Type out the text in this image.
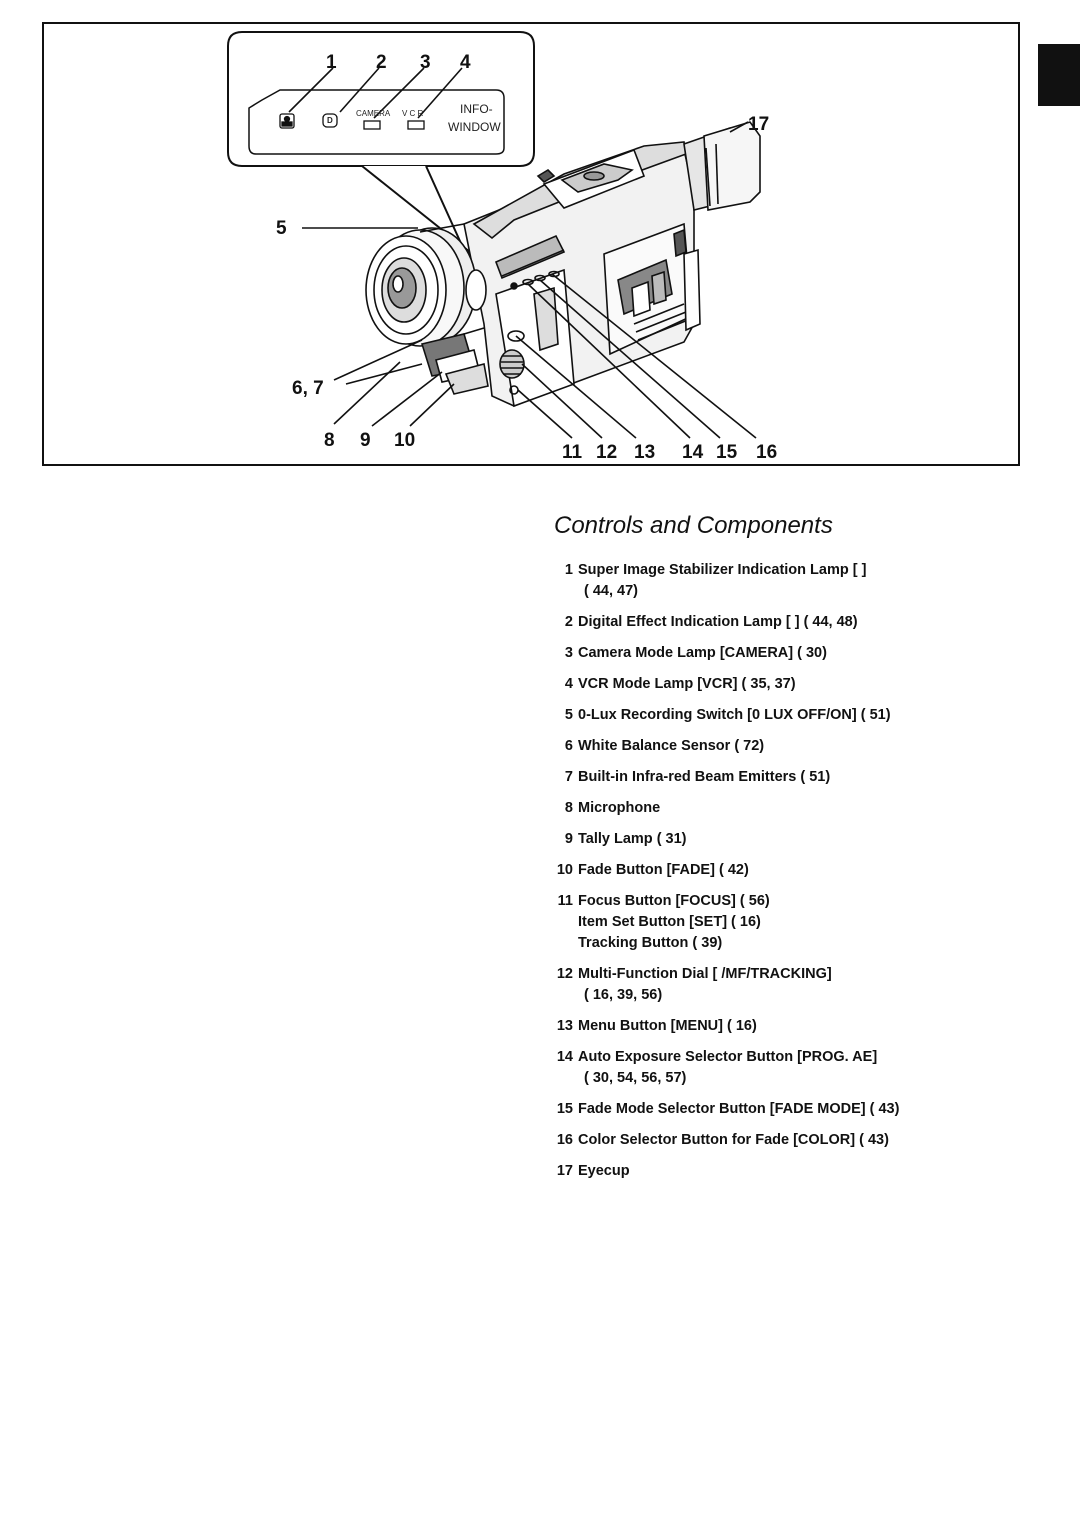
1 2 3 4
5
6, 7
8 9 10
11 12 13 14 15 16
17
D
CAMERA V C R	INFO-
WINDOW
Controls and Components
1 Super Image Stabilizer Indication Lamp [ ]
( 44, 47)
2 Digital Effect Indication Lamp [ ] ( 44, 48)
3 Camera Mode Lamp [CAMERA] ( 30)
4 VCR Mode Lamp [VCR] ( 35, 37)
5 0-Lux Recording Switch [0 LUX OFF/ON] ( 51)
6 White Balance Sensor ( 72)
7 Built-in Infra-red Beam Emitters ( 51)
8 Microphone
9 Tally Lamp ( 31)
10 Fade Button [FADE] ( 42)
11 Focus Button [FOCUS] ( 56)
Item Set Button [SET] ( 16)
Tracking Button ( 39)
12 Multi-Function Dial [ /MF/TRACKING]
( 16, 39, 56)
13 Menu Button [MENU] ( 16)
14 Auto Exposure Selector Button [PROG. AE]
( 30, 54, 56, 57)
15 Fade Mode Selector Button [FADE MODE] ( 43)
16 Color Selector Button for Fade [COLOR] ( 43)
17 Eyecup
